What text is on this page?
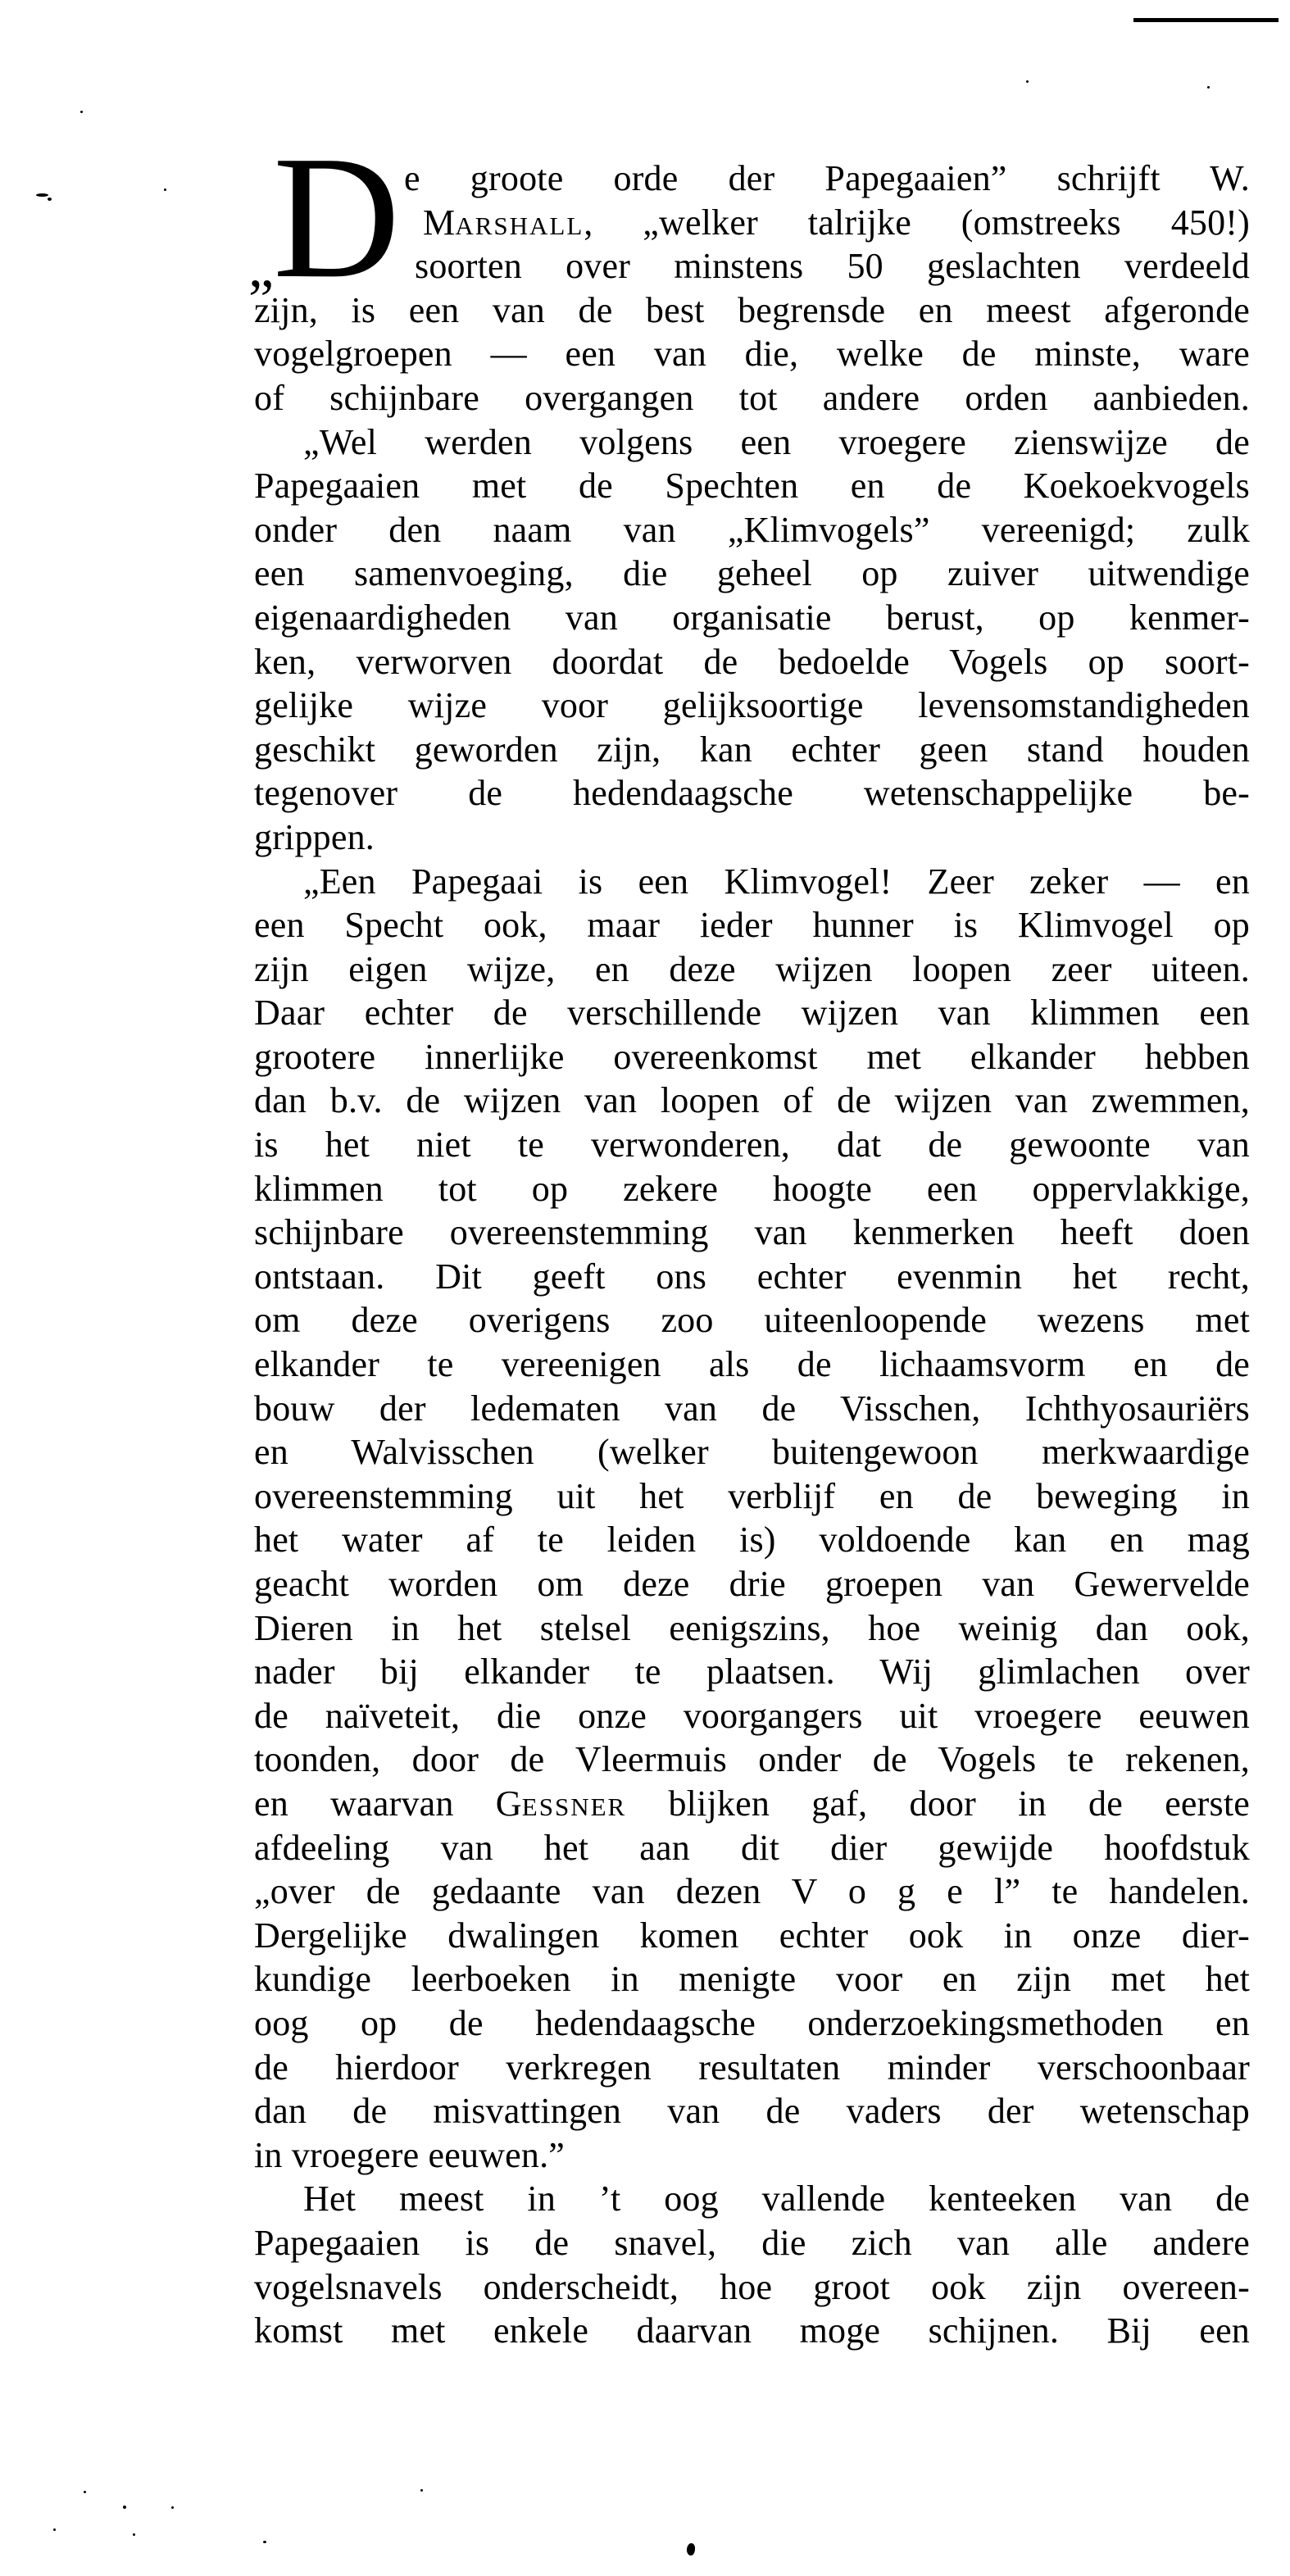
„
D e groote orde der Papegaaien” schrijft W.
Marshall, „welker talrijke (omstreeks 450!)
soorten over minstens 50 geslachten verdeeld
zijn, is een van de best begrensde en meest afgeronde
vogelgroepen — een van die, welke de minste, ware
of schijnbare overgangen tot andere orden aanbieden.
„Wel werden volgens een vroegere zienswijze de
Papegaaien met de Spechten en de Koekoekvogels
onder den naam van „Klimvogels” vereenigd; zulk
een samenvoeging, die geheel op zuiver uitwendige
eigenaardigheden van organisatie berust, op kenmer-
ken, verworven doordat de bedoelde Vogels op soort-
gelijke wijze voor gelijksoortige levensomstandigheden
geschikt geworden zijn, kan echter geen stand houden
tegenover de hedendaagsche wetenschappelijke be-
grippen.
„Een Papegaai is een Klimvogel! Zeer zeker — en
een Specht ook, maar ieder hunner is Klimvogel op
zijn eigen wijze, en deze wijzen loopen zeer uiteen.
Daar echter de verschillende wijzen van klimmen een
grootere innerlijke overeenkomst met elkander hebben
dan b.v. de wijzen van loopen of de wijzen van zwemmen,
is het niet te verwonderen, dat de gewoonte van
klimmen tot op zekere hoogte een oppervlakkige,
schijnbare overeenstemming van kenmerken heeft doen
ontstaan. Dit geeft ons echter evenmin het recht,
om deze overigens zoo uiteenloopende wezens met
elkander te vereenigen als de lichaamsvorm en de
bouw der ledematen van de Visschen, Ichthyosauriërs
en Walvisschen (welker buitengewoon merkwaardige
overeenstemming uit het verblijf en de beweging in
het water af te leiden is) voldoende kan en mag
geacht worden om deze drie groepen van Gewervelde
Dieren in het stelsel eenigszins, hoe weinig dan ook,
nader bij elkander te plaatsen. Wij glimlachen over
de naïveteit, die onze voorgangers uit vroegere eeuwen
toonden, door de Vleermuis onder de Vogels te rekenen,
en waarvan Gessner blijken gaf, door in de eerste
afdeeling van het aan dit dier gewijde hoofdstuk
„over de gedaante van dezen V o g e l” te handelen.
Dergelijke dwalingen komen echter ook in onze dier-
kundige leerboeken in menigte voor en zijn met het
oog op de hedendaagsche onderzoekingsmethoden en
de hierdoor verkregen resultaten minder verschoonbaar
dan de misvattingen van de vaders der wetenschap
in vroegere eeuwen.”
Het meest in ’t oog vallende kenteeken van de
Papegaaien is de snavel, die zich van alle andere
vogelsnavels onderscheidt, hoe groot ook zijn overeen-
komst met enkele daarvan moge schijnen. Bij een
